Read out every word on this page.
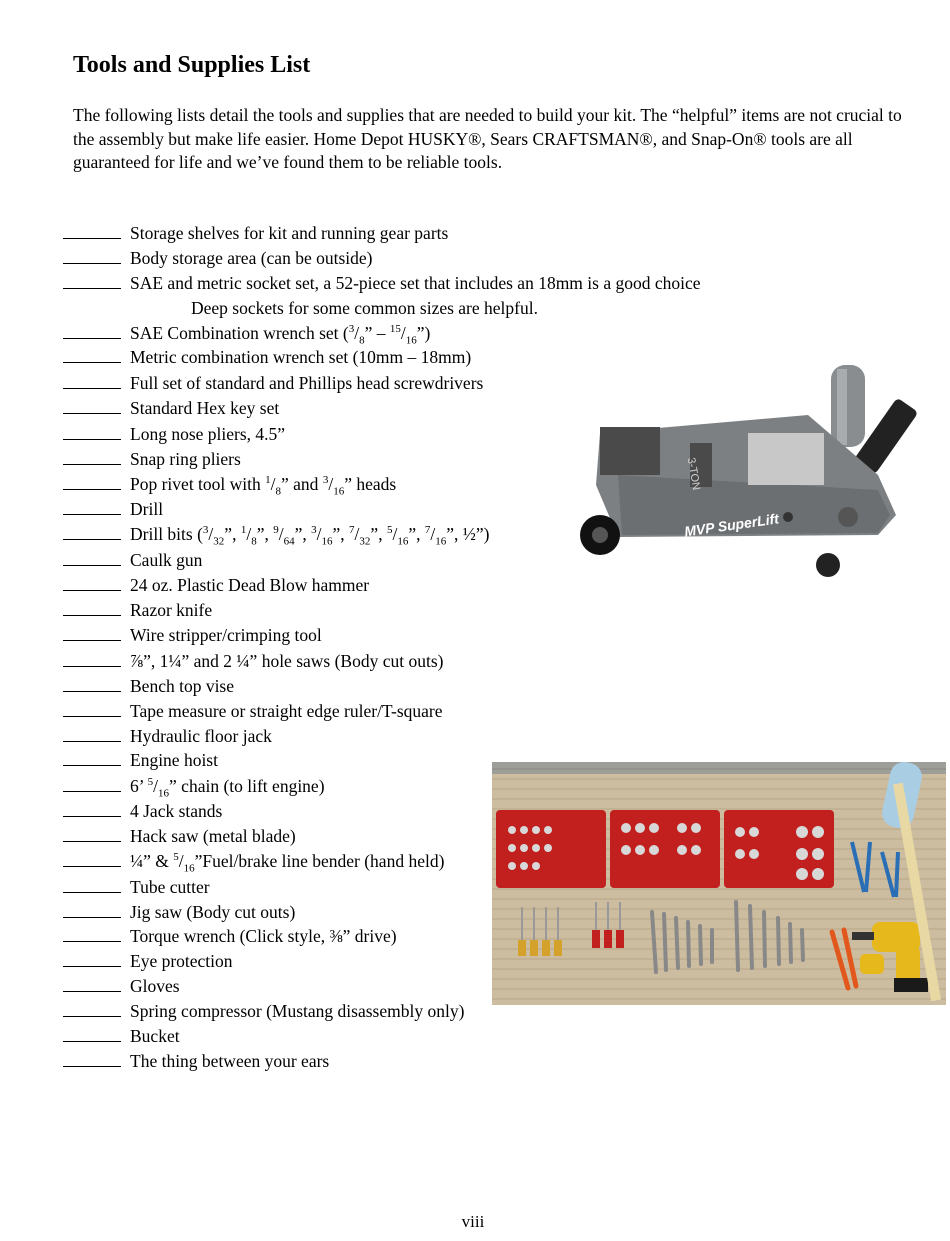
Tools and Supplies List
The following lists detail the tools and supplies that are needed to build your kit. The “helpful” items are not crucial to the assembly but make life easier. Home Depot HUSKY®, Sears CRAFTSMAN®, and Snap-On® tools are all guaranteed for life and we’ve found them to be reliable tools.
Storage shelves for kit and running gear parts
Body storage area (can be outside)
SAE and metric socket set, a 52-piece set that includes an 18mm is a good choice
Deep sockets for some common sizes are helpful.
SAE Combination wrench set ($^3/_8$” – $^{15}/_{16}$”)
Metric combination wrench set (10mm – 18mm)
Full set of standard and Phillips head screwdrivers
Standard Hex key set
Long nose pliers, 4.5”
Snap ring pliers
Pop rivet tool with $^1/_8$” and $^3/_{16}$” heads
Drill
Drill bits ($^3/_{32}$”, $^1/_8$”, $^9/_{64}$”, $^3/_{16}$”, $^7/_{32}$”, $^5/_{16}$”, $^7/_{16}$”, ½”)
Caulk gun
24 oz. Plastic Dead Blow hammer
Razor knife
Wire stripper/crimping tool
⅞”, 1¼” and 2 ¼” hole saws (Body cut outs)
Bench top vise
Tape measure or straight edge ruler/T-square
Hydraulic floor jack
Engine hoist
6’ $^5/_{16}$” chain (to lift engine)
4 Jack stands
Hack saw (metal blade)
¼” & $^5/_{16}”Fuel$/brake line bender (hand held)
Tube cutter
Jig saw (Body cut outs)
Torque wrench (Click style, ⅜” drive)
Eye protection
Gloves
Spring compressor (Mustang disassembly only)
Bucket
The thing between your ears
3-TON
MVP SuperLift
viii
